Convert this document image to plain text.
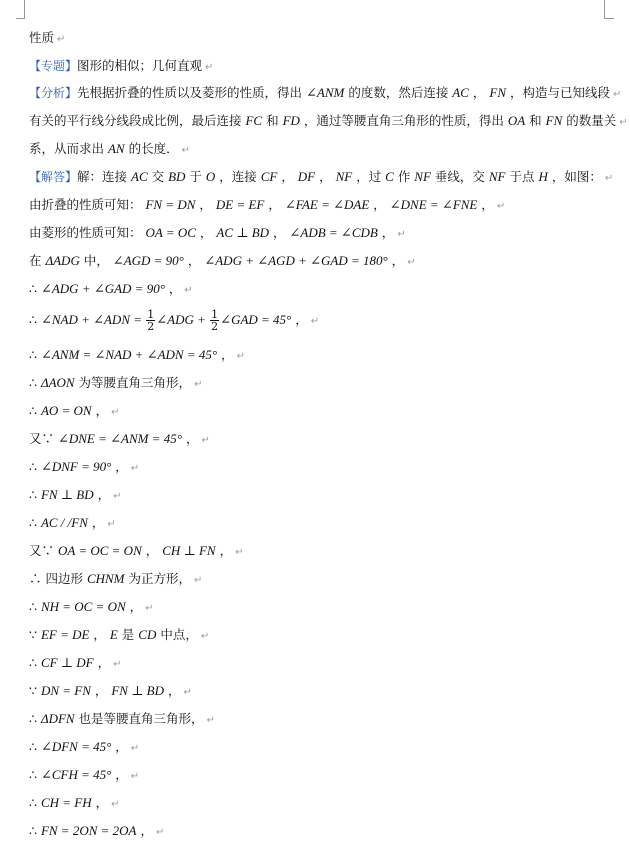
性质 ↵
【专题】图形的相似；几何直观 ↵
【分析】先根据折叠的性质以及菱形的性质，得出 ∠ANM 的度数，然后连接 AC ， FN ，构造与已知线段 ↵
有关的平行线分线段成比例，最后连接 FC 和 FD ，通过等腰直角三角形的性质，得出 OA 和 FN 的数量关 ↵
系，从而求出 AN 的长度． ↵
【解答】解：连接 AC 交 BD 于 O ，连接 CF ， DF ， NF ，过 C 作 NF 垂线，交 NF 于点 H ，如图： ↵
由折叠的性质可知： FN = DN ， DE = EF ， ∠FAE = ∠DAE ， ∠DNE = ∠FNE ， ↵
由菱形的性质可知： OA = OC ， AC ⊥ BD ， ∠ADB = ∠CDB ， ↵
在 ΔADG 中， ∠AGD = 90° ， ∠ADG + ∠AGD + ∠GAD = 180° ， ↵
∴ ∠ADG + ∠GAD = 90° ， ↵
∴ ∠NAD + ∠ADN = $\frac{1}{2}$ ∠ADG + $\frac{1}{2}$ ∠GAD = 45° ， ↵
∴ ∠ANM = ∠NAD + ∠ADN = 45° ， ↵
∴ ΔAON 为等腰直角三角形， ↵
∴ AO = ON ， ↵
又∵ ∠DNE = ∠ANM = 45° ， ↵
∴ ∠DNF = 90° ， ↵
∴ FN ⊥ BD ， ↵
∴ AC / /FN ， ↵
又∵ OA = OC = ON ， CH ⊥ FN ， ↵
∴ 四边形 CHNM 为正方形， ↵
∴ NH = OC = ON ， ↵
∵ EF = DE ， E 是 CD 中点， ↵
∴ CF ⊥ DF ， ↵
∵ DN = FN ， FN ⊥ BD ， ↵
∴ ΔDFN 也是等腰直角三角形， ↵
∴ ∠DFN = 45° ， ↵
∴ ∠CFH = 45° ， ↵
∴ CH = FH ， ↵
∴ FN = 2ON = 2OA ， ↵
